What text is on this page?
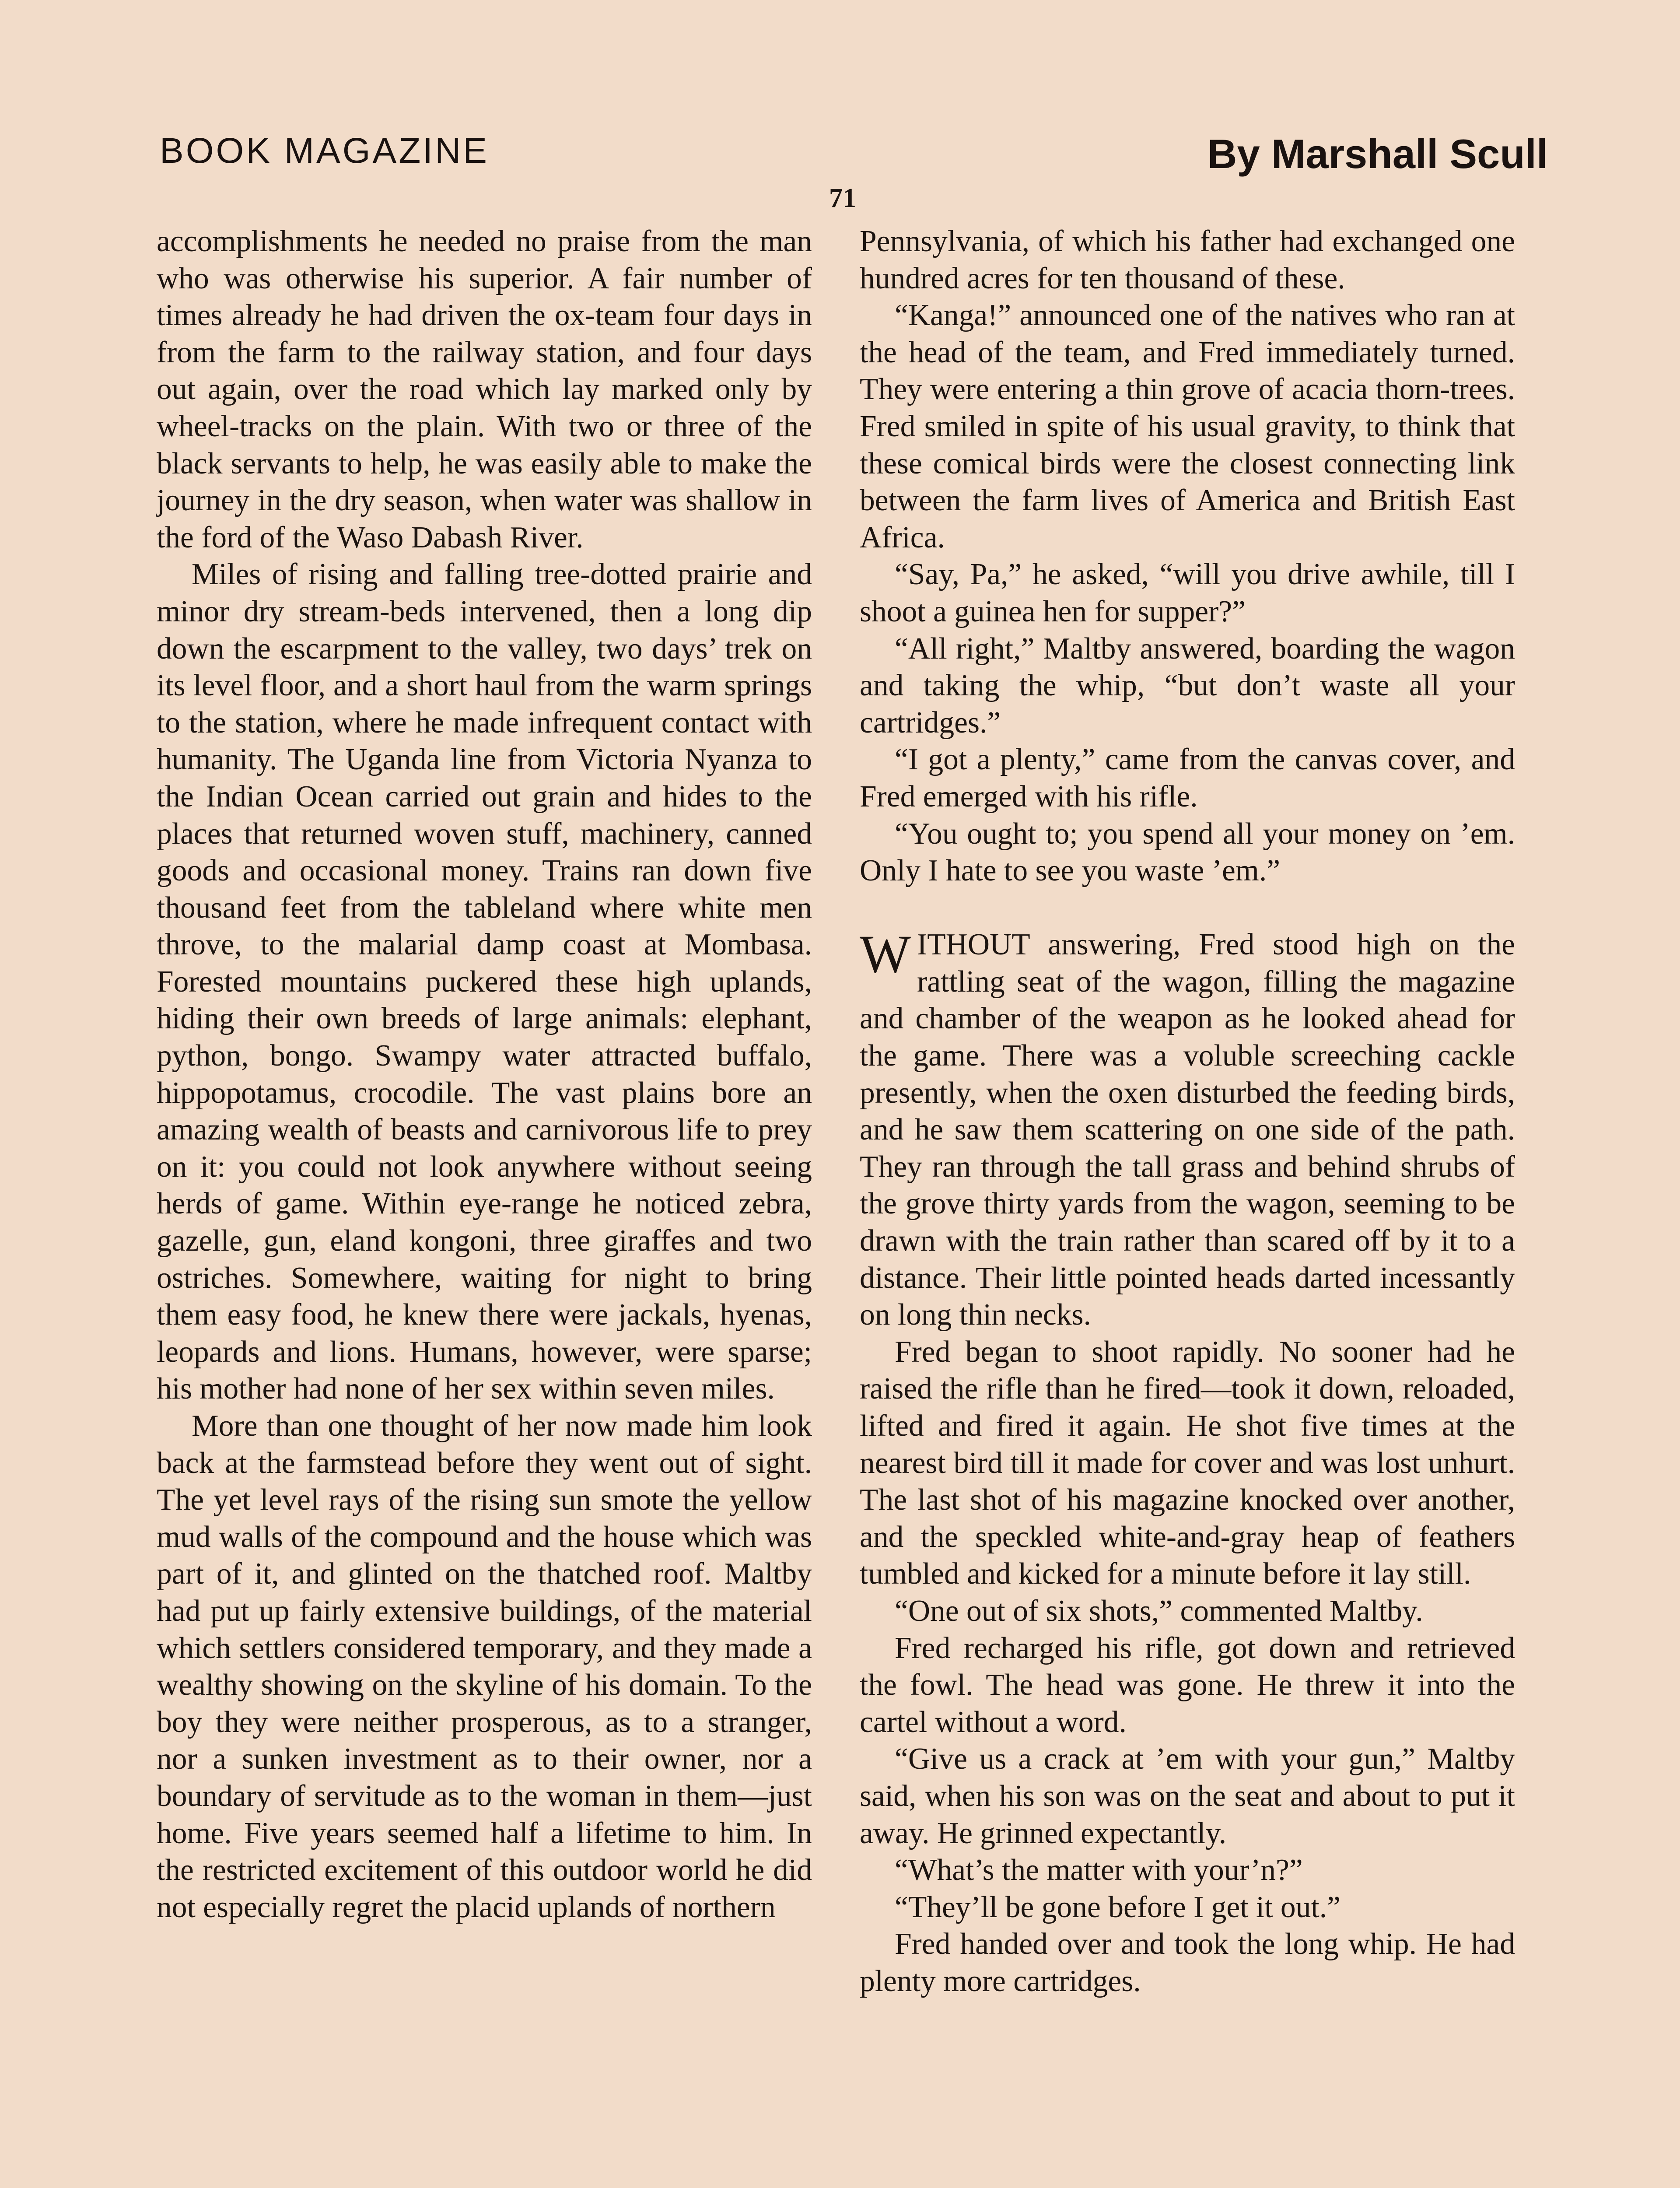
BOOK MAGAZINE	By Marshall Scull
71

accomplishments he needed no praise from the man who was otherwise his superior. A fair number of times already he had driven the ox-team four days in from the farm to the railway station, and four days out again, over the road which lay marked only by wheel-tracks on the plain. With two or three of the black servants to help, he was easily able to make the journey in the dry season, when water was shallow in the ford of the Waso Dabash River.

Miles of rising and falling tree-dotted prairie and minor dry stream-beds intervened, then a long dip down the escarpment to the valley, two days’ trek on its level floor, and a short haul from the warm springs to the station, where he made infrequent contact with humanity. The Uganda line from Victoria Nyanza to the Indian Ocean carried out grain and hides to the places that returned woven stuff, machinery, canned goods and occasional money. Trains ran down five thousand feet from the tableland where white men throve, to the malarial damp coast at Mombasa. Forested mountains puckered these high uplands, hiding their own breeds of large animals: elephant, python, bongo. Swampy water attracted buffalo, hippopotamus, crocodile. The vast plains bore an amazing wealth of beasts and carnivorous life to prey on it: you could not look anywhere without seeing herds of game. Within eye-range he noticed zebra, gazelle, gun, eland kongoni, three giraffes and two ostriches. Somewhere, waiting for night to bring them easy food, he knew there were jackals, hyenas, leopards and lions. Humans, however, were sparse; his mother had none of her sex within seven miles.

More than one thought of her now made him look back at the farmstead before they went out of sight. The yet level rays of the rising sun smote the yellow mud walls of the compound and the house which was part of it, and glinted on the thatched roof. Maltby had put up fairly extensive buildings, of the material which settlers considered temporary, and they made a wealthy showing on the skyline of his domain. To the boy they were neither prosperous, as to a stranger, nor a sunken investment as to their owner, nor a boundary of servitude as to the woman in them—just home. Five years seemed half a lifetime to him. In the restricted excitement of this outdoor world he did not especially regret the placid uplands of northern

Pennsylvania, of which his father had exchanged one hundred acres for ten thousand of these.

“Kanga!” announced one of the natives who ran at the head of the team, and Fred immediately turned. They were entering a thin grove of acacia thorn-trees. Fred smiled in spite of his usual gravity, to think that these comical birds were the closest connecting link between the farm lives of America and British East Africa.

“Say, Pa,” he asked, “will you drive awhile, till I shoot a guinea hen for supper?”

“All right,” Maltby answered, boarding the wagon and taking the whip, “but don’t waste all your cartridges.”

“I got a plenty,” came from the canvas cover, and Fred emerged with his rifle.

“You ought to; you spend all your money on ’em. Only I hate to see you waste ’em.”

WITHOUT answering, Fred stood high on the rattling seat of the wagon, filling the magazine and chamber of the weapon as he looked ahead for the game. There was a voluble screeching cackle presently, when the oxen disturbed the feeding birds, and he saw them scattering on one side of the path. They ran through the tall grass and behind shrubs of the grove thirty yards from the wagon, seeming to be drawn with the train rather than scared off by it to a distance. Their little pointed heads darted incessantly on long thin necks.

Fred began to shoot rapidly. No sooner had he raised the rifle than he fired—took it down, reloaded, lifted and fired it again. He shot five times at the nearest bird till it made for cover and was lost unhurt. The last shot of his magazine knocked over another, and the speckled white-and-gray heap of feathers tumbled and kicked for a minute before it lay still.

“One out of six shots,” commented Maltby.

Fred recharged his rifle, got down and retrieved the fowl. The head was gone. He threw it into the cartel without a word.

“Give us a crack at ’em with your gun,” Maltby said, when his son was on the seat and about to put it away. He grinned expectantly.

“What’s the matter with your’n?”

“They’ll be gone before I get it out.”

Fred handed over and took the long whip. He had plenty more cartridges.
